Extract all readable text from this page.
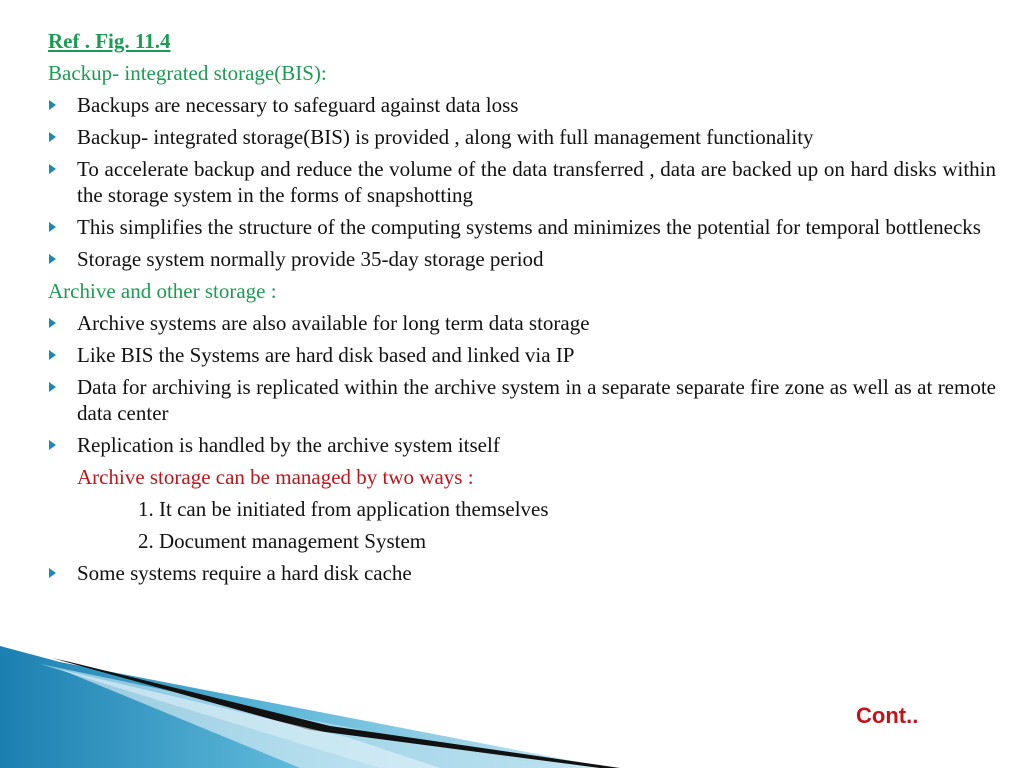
Ref . Fig. 11.4
Backup- integrated storage(BIS):
Backups are necessary to safeguard against data loss
Backup- integrated storage(BIS) is provided , along with full management functionality
To accelerate backup and reduce the volume of the data transferred , data are backed up on hard disks within the storage system in the forms of snapshotting
This simplifies the structure of the computing systems and minimizes the potential for temporal bottlenecks
Storage system normally provide 35-day storage period
Archive and other storage :
Archive systems are also available for long term data storage
Like BIS the Systems are hard disk based and linked via IP
Data for archiving is replicated within the archive system in a separate separate fire zone as well as at remote data center
Replication is handled by the archive system itself
Archive storage can be managed by two ways :
1. It can be initiated from application themselves
2. Document management System
Some systems require a hard disk cache
Cont..
